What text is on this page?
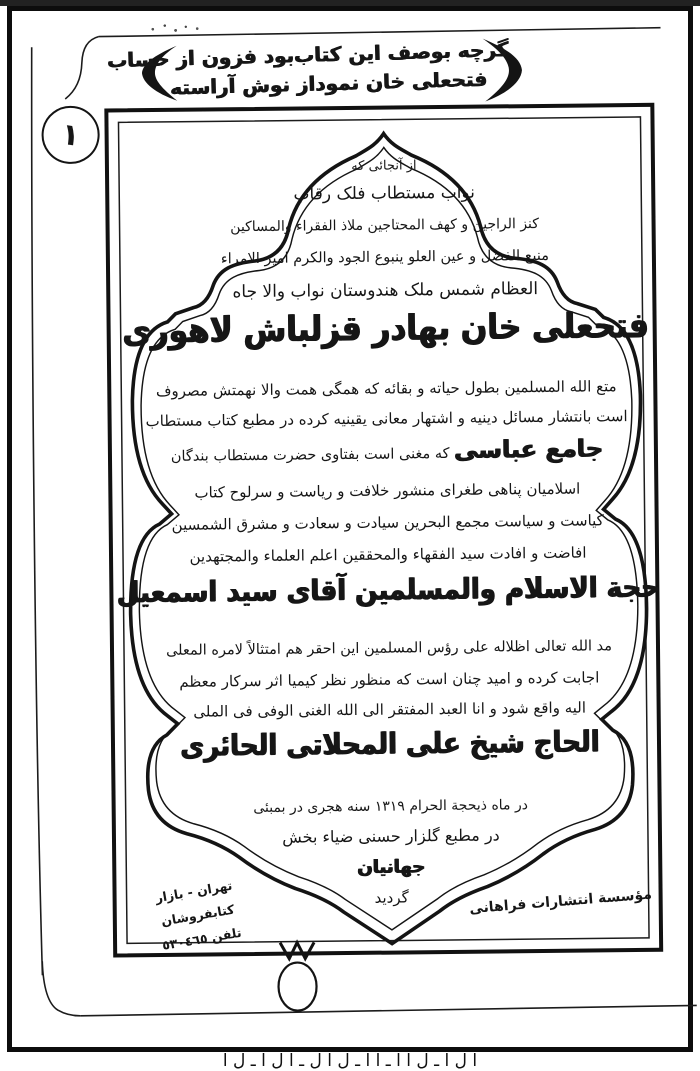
١
گرچه بوصف این کتاب
بود فزون از حساب
فتحعلی خان نمود
از نوش آراسته
از آنجائی که
نواب مستطاب فلک رقاب
کنز الراجین و کهف المحتاجین ملاذ الفقراء والمساکین
منبع الفضل و عین العلو ینبوع الجود والکرم امیر الامراء
العظام شمس ملک هندوستان نواب والا جاه
فتحعلی خان بهادر قزلباش لاهوری
متع الله المسلمین بطول حیاته و بقائه که همگی همت والا نهمتش مصروف
است بانتشار مسائل دینیه و اشتهار معانی یقینیه کرده در مطبع کتاب مستطاب
جامع عباسی که مغنی است بفتاوی حضرت مستطاب بندگان
اسلامیان پناهی طغرای منشور خلافت و ریاست و سرلوح کتاب
کیاست و سیاست مجمع البحرین سیادت و سعادت و مشرق الشمسین
افاضت و افادت سید الفقهاء والمحققین اعلم العلماء والمجتهدین
حجة الاسلام والمسلمین آقای سید اسمعیل
مد الله تعالی اظلاله علی رؤس المسلمین این احقر هم امتثالاً لامره المعلی
اجابت کرده و امید چنان است که منظور نظر کیمیا اثر سرکار معظم
الیه واقع شود و انا العبد المفتقر الی الله الغنی الوفی فی الملی
الحاج شیخ علی المحلاتی الحائری
در ماه ذیحجة الحرام ١٣١٩ سنه هجری در بمبئی
در مطبع گلزار حسنی ضیاء بخش
جهانیان
گردید
تهران - بازار کتابفروشان
تلفن ٥٣٠٤٦٥
مؤسسة انتشارات فراهانی
ا ل ا ـ ل ا ا ـ آ ا ـ ل ا ل ـ ا ل ا ـ ل ا
